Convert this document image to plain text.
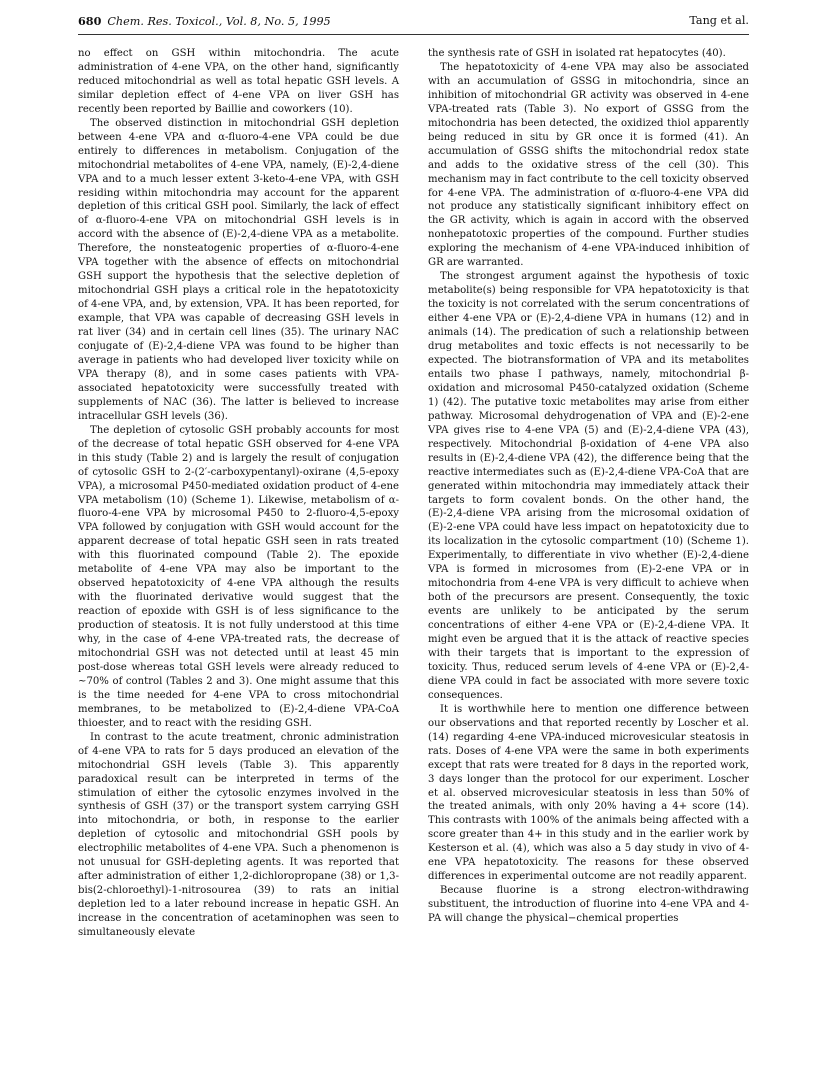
680 Chem. Res. Toxicol., Vol. 8, No. 5, 1995	Tang et al.

no effect on GSH within mitochondria. The acute administration of 4-ene VPA, on the other hand, significantly reduced mitochondrial as well as total hepatic GSH levels. A similar depletion effect of 4-ene VPA on liver GSH has recently been reported by Baillie and coworkers (10).

The observed distinction in mitochondrial GSH depletion between 4-ene VPA and α-fluoro-4-ene VPA could be due entirely to differences in metabolism. Conjugation of the mitochondrial metabolites of 4-ene VPA, namely, (E)-2,4-diene VPA and to a much lesser extent 3-keto-4-ene VPA, with GSH residing within mitochondria may account for the apparent depletion of this critical GSH pool. Similarly, the lack of effect of α-fluoro-4-ene VPA on mitochondrial GSH levels is in accord with the absence of (E)-2,4-diene VPA as a metabolite. Therefore, the nonsteatogenic properties of α-fluoro-4-ene VPA together with the absence of effects on mitochondrial GSH support the hypothesis that the selective depletion of mitochondrial GSH plays a critical role in the hepatotoxicity of 4-ene VPA, and, by extension, VPA. It has been reported, for example, that VPA was capable of decreasing GSH levels in rat liver (34) and in certain cell lines (35). The urinary NAC conjugate of (E)-2,4-diene VPA was found to be higher than average in patients who had developed liver toxicity while on VPA therapy (8), and in some cases patients with VPA-associated hepatotoxicity were successfully treated with supplements of NAC (36). The latter is believed to increase intracellular GSH levels (36).

The depletion of cytosolic GSH probably accounts for most of the decrease of total hepatic GSH observed for 4-ene VPA in this study (Table 2) and is largely the result of conjugation of cytosolic GSH to 2-(2′-carboxypentanyl)-oxirane (4,5-epoxy VPA), a microsomal P450-mediated oxidation product of 4-ene VPA metabolism (10) (Scheme 1). Likewise, metabolism of α-fluoro-4-ene VPA by microsomal P450 to 2-fluoro-4,5-epoxy VPA followed by conjugation with GSH would account for the apparent decrease of total hepatic GSH seen in rats treated with this fluorinated compound (Table 2). The epoxide metabolite of 4-ene VPA may also be important to the observed hepatotoxicity of 4-ene VPA although the results with the fluorinated derivative would suggest that the reaction of epoxide with GSH is of less significance to the production of steatosis. It is not fully understood at this time why, in the case of 4-ene VPA-treated rats, the decrease of mitochondrial GSH was not detected until at least 45 min post-dose whereas total GSH levels were already reduced to ~70% of control (Tables 2 and 3). One might assume that this is the time needed for 4-ene VPA to cross mitochondrial membranes, to be metabolized to (E)-2,4-diene VPA-CoA thioester, and to react with the residing GSH.

In contrast to the acute treatment, chronic administration of 4-ene VPA to rats for 5 days produced an elevation of the mitochondrial GSH levels (Table 3). This apparently paradoxical result can be interpreted in terms of the stimulation of either the cytosolic enzymes involved in the synthesis of GSH (37) or the transport system carrying GSH into mitochondria, or both, in response to the earlier depletion of cytosolic and mitochondrial GSH pools by electrophilic metabolites of 4-ene VPA. Such a phenomenon is not unusual for GSH-depleting agents. It was reported that after administration of either 1,2-dichloropropane (38) or 1,3-bis(2-chloroethyl)-1-nitrosourea (39) to rats an initial depletion led to a later rebound increase in hepatic GSH. An increase in the concentration of acetaminophen was seen to simultaneously elevate

the synthesis rate of GSH in isolated rat hepatocytes (40).

The hepatotoxicity of 4-ene VPA may also be associated with an accumulation of GSSG in mitochondria, since an inhibition of mitochondrial GR activity was observed in 4-ene VPA-treated rats (Table 3). No export of GSSG from the mitochondria has been detected, the oxidized thiol apparently being reduced in situ by GR once it is formed (41). An accumulation of GSSG shifts the mitochondrial redox state and adds to the oxidative stress of the cell (30). This mechanism may in fact contribute to the cell toxicity observed for 4-ene VPA. The administration of α-fluoro-4-ene VPA did not produce any statistically significant inhibitory effect on the GR activity, which is again in accord with the observed nonhepatotoxic properties of the compound. Further studies exploring the mechanism of 4-ene VPA-induced inhibition of GR are warranted.

The strongest argument against the hypothesis of toxic metabolite(s) being responsible for VPA hepatotoxicity is that the toxicity is not correlated with the serum concentrations of either 4-ene VPA or (E)-2,4-diene VPA in humans (12) and in animals (14). The predication of such a relationship between drug metabolites and toxic effects is not necessarily to be expected. The biotransformation of VPA and its metabolites entails two phase I pathways, namely, mitochondrial β-oxidation and microsomal P450-catalyzed oxidation (Scheme 1) (42). The putative toxic metabolites may arise from either pathway. Microsomal dehydrogenation of VPA and (E)-2-ene VPA gives rise to 4-ene VPA (5) and (E)-2,4-diene VPA (43), respectively. Mitochondrial β-oxidation of 4-ene VPA also results in (E)-2,4-diene VPA (42), the difference being that the reactive intermediates such as (E)-2,4-diene VPA-CoA that are generated within mitochondria may immediately attack their targets to form covalent bonds. On the other hand, the (E)-2,4-diene VPA arising from the microsomal oxidation of (E)-2-ene VPA could have less impact on hepatotoxicity due to its localization in the cytosolic compartment (10) (Scheme 1). Experimentally, to differentiate in vivo whether (E)-2,4-diene VPA is formed in microsomes from (E)-2-ene VPA or in mitochondria from 4-ene VPA is very difficult to achieve when both of the precursors are present. Consequently, the toxic events are unlikely to be anticipated by the serum concentrations of either 4-ene VPA or (E)-2,4-diene VPA. It might even be argued that it is the attack of reactive species with their targets that is important to the expression of toxicity. Thus, reduced serum levels of 4-ene VPA or (E)-2,4-diene VPA could in fact be associated with more severe toxic consequences.

It is worthwhile here to mention one difference between our observations and that reported recently by Loscher et al. (14) regarding 4-ene VPA-induced microvesicular steatosis in rats. Doses of 4-ene VPA were the same in both experiments except that rats were treated for 8 days in the reported work, 3 days longer than the protocol for our experiment. Loscher et al. observed microvesicular steatosis in less than 50% of the treated animals, with only 20% having a 4+ score (14). This contrasts with 100% of the animals being affected with a score greater than 4+ in this study and in the earlier work by Kesterson et al. (4), which was also a 5 day study in vivo of 4-ene VPA hepatotoxicity. The reasons for these observed differences in experimental outcome are not readily apparent.

Because fluorine is a strong electron-withdrawing substituent, the introduction of fluorine into 4-ene VPA and 4-PA will change the physical−chemical properties
